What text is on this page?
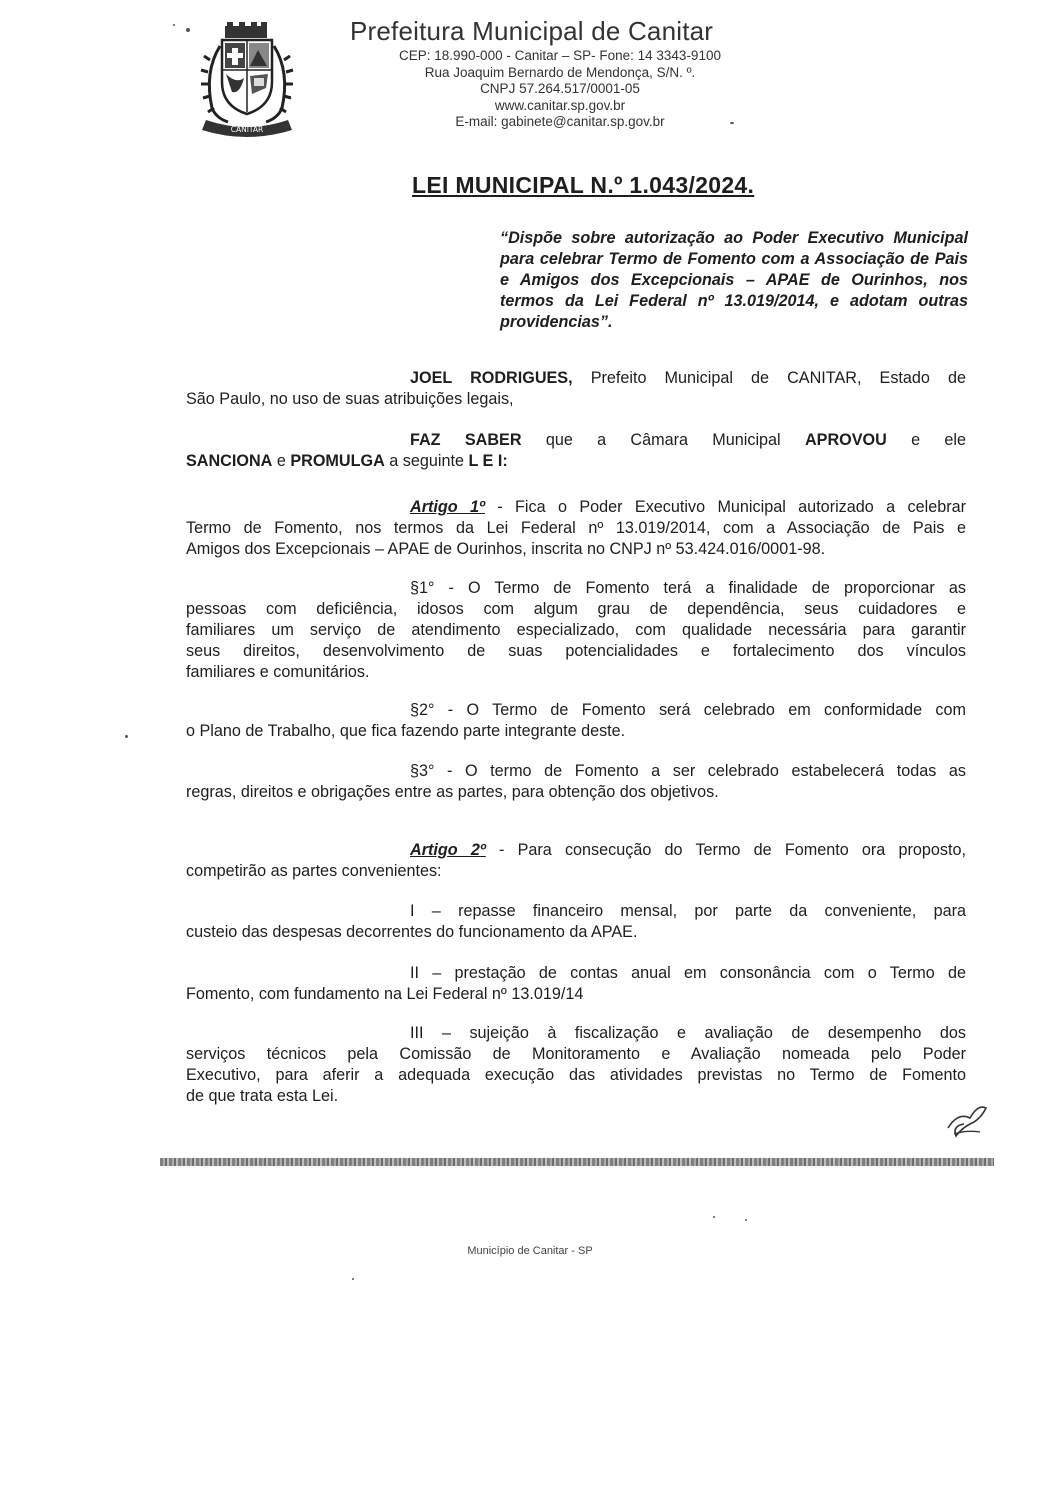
CANITAR
Prefeitura Municipal de Canitar
CEP: 18.990-000 - Canitar – SP- Fone: 14 3343-9100
Rua Joaquim Bernardo de Mendonça, S/N. º.
CNPJ 57.264.517/0001-05
www.canitar.sp.gov.br
E-mail: gabinete@canitar.sp.gov.br
LEI MUNICIPAL N.º 1.043/2024.
“Dispõe sobre autorização ao Poder Executivo Municipal para celebrar Termo de Fomento com a Associação de Pais e Amigos dos Excepcionais – APAE de Ourinhos, nos termos da Lei Federal nº 13.019/2014, e adotam outras providencias”.
JOEL RODRIGUES, Prefeito Municipal de CANITAR, Estado de
São Paulo, no uso de suas atribuições legais,
FAZ SABER que a Câmara Municipal APROVOU e ele
SANCIONA e PROMULGA a seguinte L E I:
Artigo 1º - Fica o Poder Executivo Municipal autorizado a celebrar
Termo de Fomento, nos termos da Lei Federal nº 13.019/2014, com a Associação de Pais e
Amigos dos Excepcionais – APAE de Ourinhos, inscrita no CNPJ nº 53.424.016/0001-98.
§1° - O Termo de Fomento terá a finalidade de proporcionar as
pessoas com deficiência, idosos com algum grau de dependência, seus cuidadores e
familiares um serviço de atendimento especializado, com qualidade necessária para garantir
seus direitos, desenvolvimento de suas potencialidades e fortalecimento dos vínculos
familiares e comunitários.
§2° - O Termo de Fomento será celebrado em conformidade com
o Plano de Trabalho, que fica fazendo parte integrante deste.
§3° - O termo de Fomento a ser celebrado estabelecerá todas as
regras, direitos e obrigações entre as partes, para obtenção dos objetivos.
Artigo 2º - Para consecução do Termo de Fomento ora proposto,
competirão as partes convenientes:
I – repasse financeiro mensal, por parte da conveniente, para
custeio das despesas decorrentes do funcionamento da APAE.
II – prestação de contas anual em consonância com o Termo de
Fomento, com fundamento na Lei Federal nº 13.019/14
III – sujeição à fiscalização e avaliação de desempenho dos
serviços técnicos pela Comissão de Monitoramento e Avaliação nomeada pelo Poder
Executivo, para aferir a adequada execução das atividades previstas no Termo de Fomento
de que trata esta Lei.
Município de Canitar - SP
